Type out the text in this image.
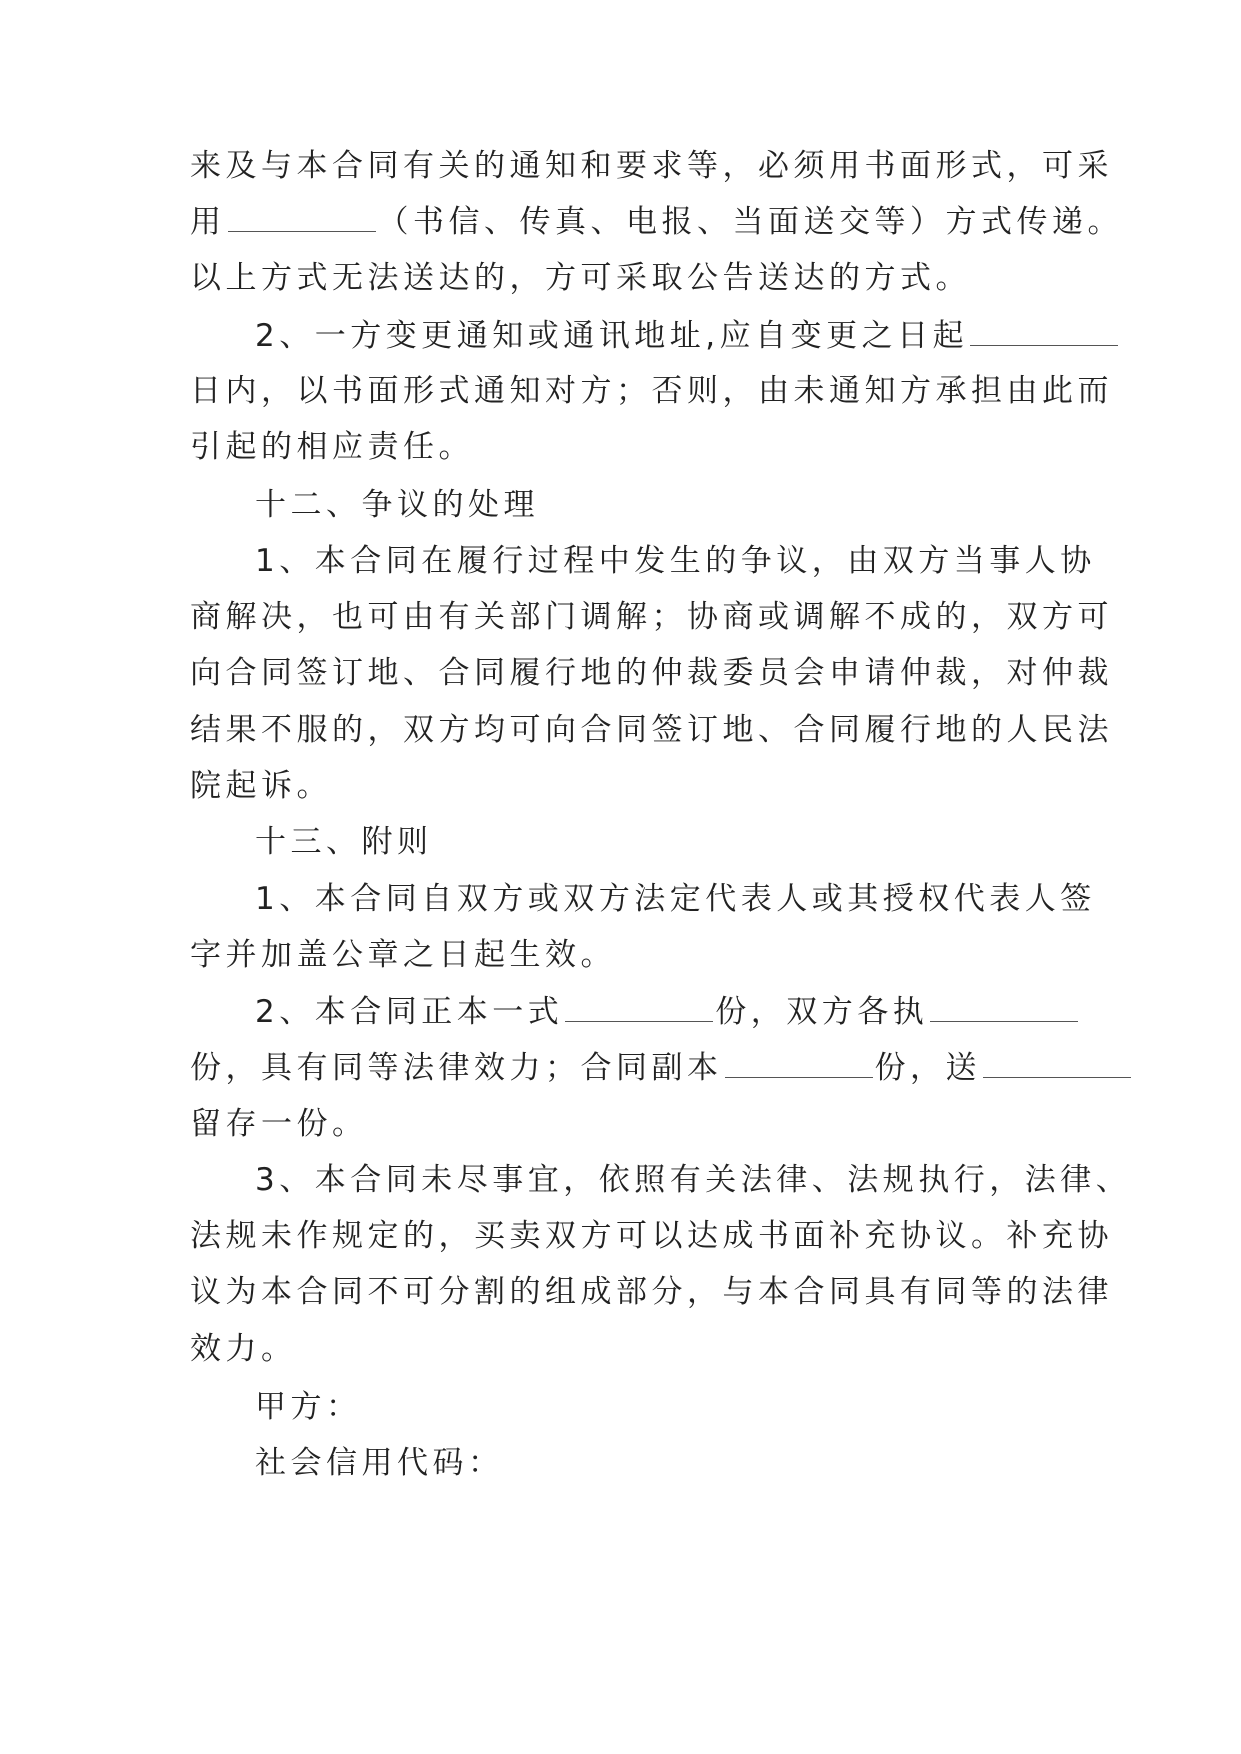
来及与本合同有关的通知和要求等，必须用书面形式，可采
用	（书信、传真、电报、当面送交等）方式传递。
以上方式无法送达的，方可采取公告送达的方式。
2、一方变更通知或通讯地址,应自变更之日起
日内，以书面形式通知对方；否则，由未通知方承担由此而
引起的相应责任。
十二、争议的处理
1、本合同在履行过程中发生的争议，由双方当事人协
商解决，也可由有关部门调解；协商或调解不成的，双方可
向合同签订地、合同履行地的仲裁委员会申请仲裁，对仲裁
结果不服的，双方均可向合同签订地、合同履行地的人民法
院起诉。
十三、附则
1、本合同自双方或双方法定代表人或其授权代表人签
字并加盖公章之日起生效。
2、本合同正本一式	份，双方各执
份，具有同等法律效力；合同副本	份，送
留存一份。
3、本合同未尽事宜，依照有关法律、法规执行，法律、
法规未作规定的，买卖双方可以达成书面补充协议。补充协
议为本合同不可分割的组成部分，与本合同具有同等的法律
效力。
甲方：
社会信用代码：
